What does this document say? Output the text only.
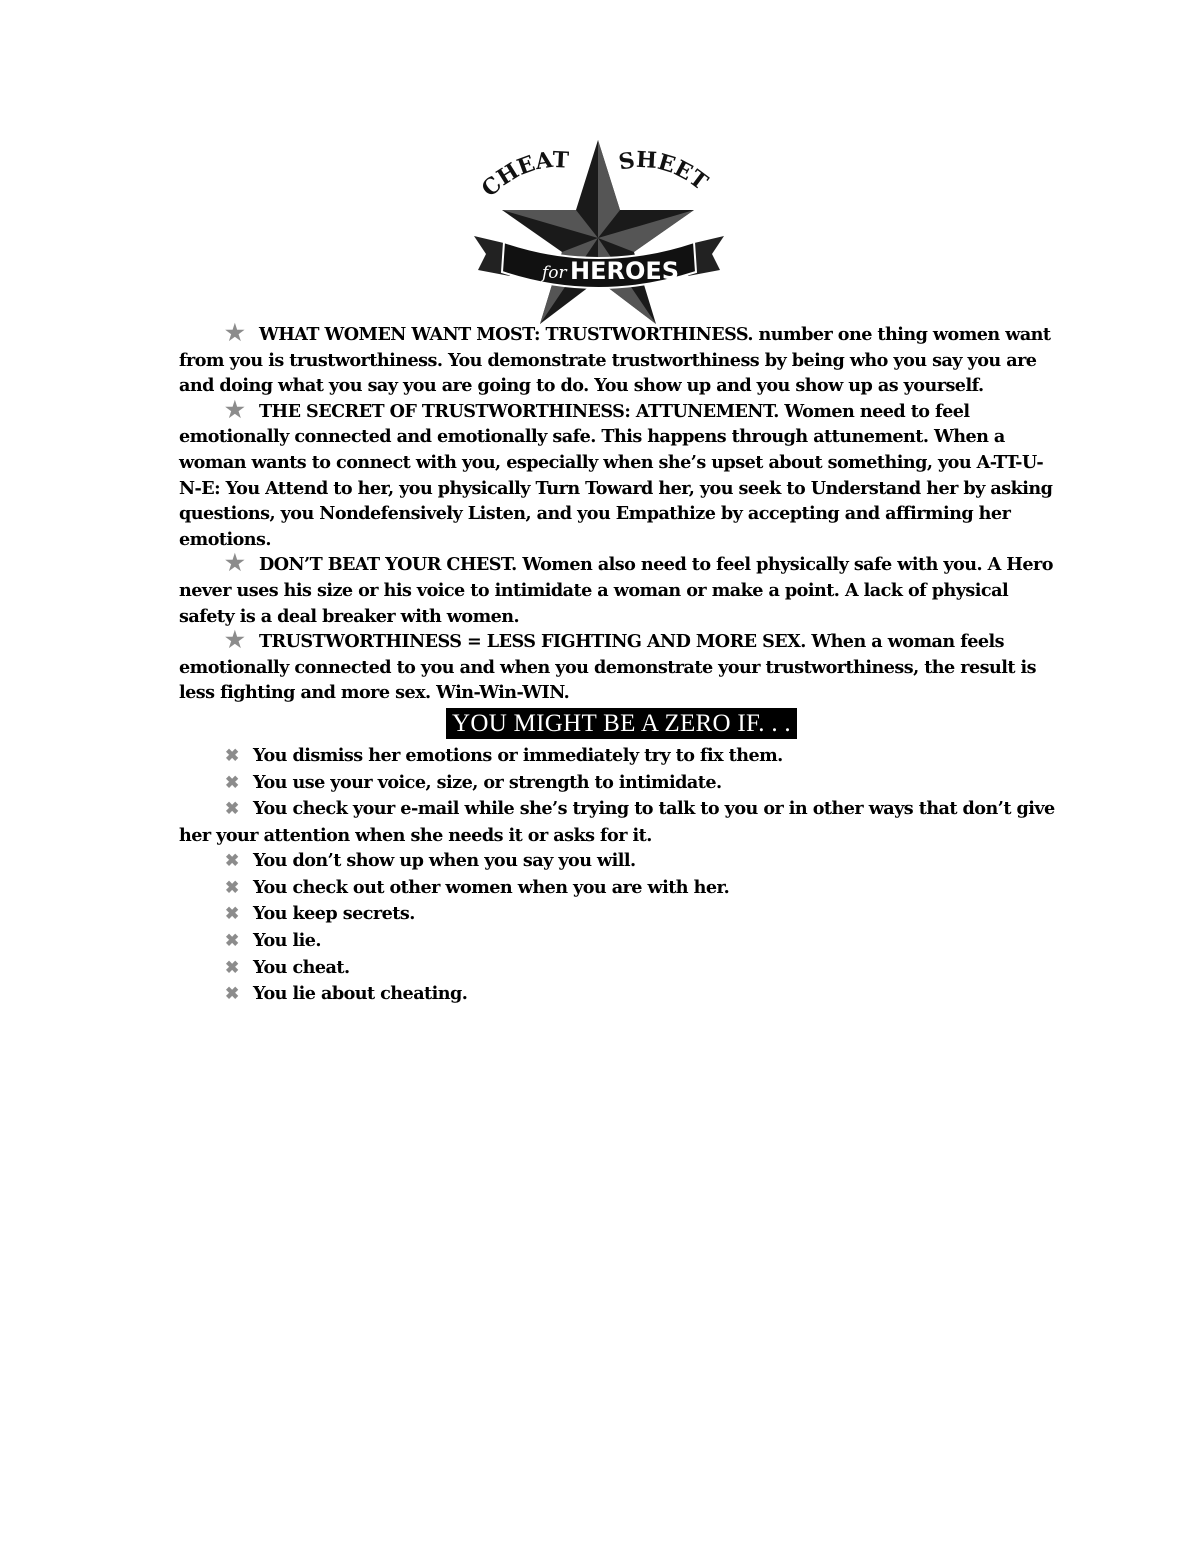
CHEAT SHEET
for HEROES

★ WHAT WOMEN WANT MOST: TRUSTWORTHINESS. number one thing women want from you is trustworthiness. You demonstrate trustworthiness by being who you say you are and doing what you say you are going to do. You show up and you show up as yourself.

★ THE SECRET OF TRUSTWORTHINESS: ATTUNEMENT. Women need to feel emotionally connected and emotionally safe. This happens through attunement. When a woman wants to connect with you, especially when she’s upset about something, you A-TT-U-N-E: You Attend to her, you physically Turn Toward her, you seek to Understand her by asking questions, you Nondefensively Listen, and you Empathize by accepting and affirming her emotions.

★ DON’T BEAT YOUR CHEST. Women also need to feel physically safe with you. A Hero never uses his size or his voice to intimidate a woman or make a point. A lack of physical safety is a deal breaker with women.

★ TRUSTWORTHINESS = LESS FIGHTING AND MORE SEX. When a woman feels emotionally connected to you and when you demonstrate your trustworthiness, the result is less fighting and more sex. Win-Win-WIN.

YOU MIGHT BE A ZERO IF. . .

✖ You dismiss her emotions or immediately try to fix them.

✖ You use your voice, size, or strength to intimidate.

✖ You check your e-mail while she’s trying to talk to you or in other ways that don’t give her your attention when she needs it or asks for it.

✖ You don’t show up when you say you will.

✖ You check out other women when you are with her.

✖ You keep secrets.

✖ You lie.

✖ You cheat.

✖ You lie about cheating.
